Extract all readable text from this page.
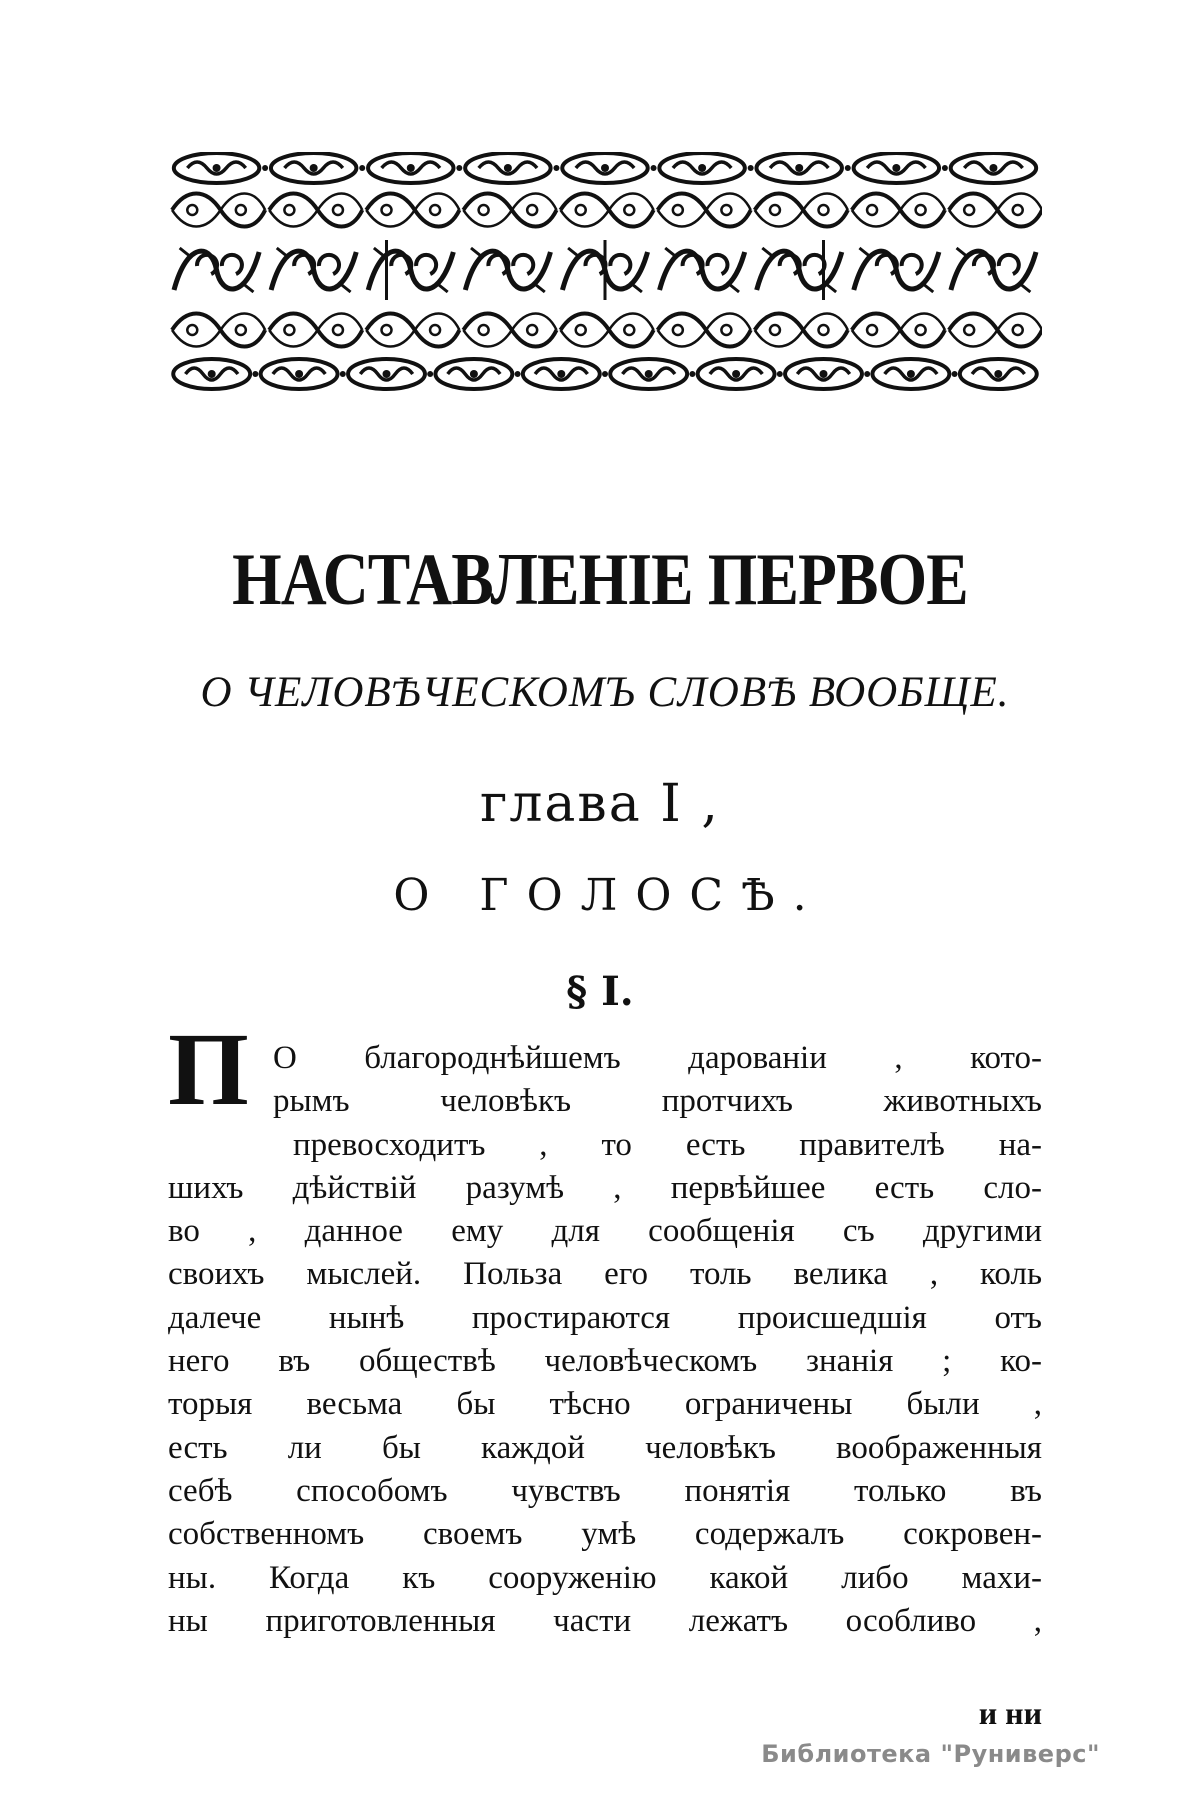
НАСТАВЛЕНІЕ ПЕРВОЕ
О ЧЕЛОВѢЧЕСКОМЪ СЛОВѢ ВООБЩЕ.
глава I ,
О ГОЛОСѢ.
§ I.
П О благороднѣйшемъ дарованіи , кото-
рымъ человѣкъ протчихъ животныхъ
превосходитъ , то есть правителѣ на-
шихъ дѣйствій разумѣ , первѣйшее есть сло-
во , данное ему для сообщенія съ другими
своихъ мыслей. Польза его толь велика , коль
далече нынѣ простираются происшедшія отъ
него въ обществѣ человѣческомъ знанія ; ко-
торыя весьма бы тѣсно ограничены были ,
есть ли бы каждой человѣкъ воображенныя
себѣ способомъ чувствъ понятія только въ
собственномъ своемъ умѣ содержалъ сокровен-
ны. Когда къ сооруженію какой либо махи-
ны приготовленныя части лежатъ особливо ,
и ни
Библиотека "Руниверс"
